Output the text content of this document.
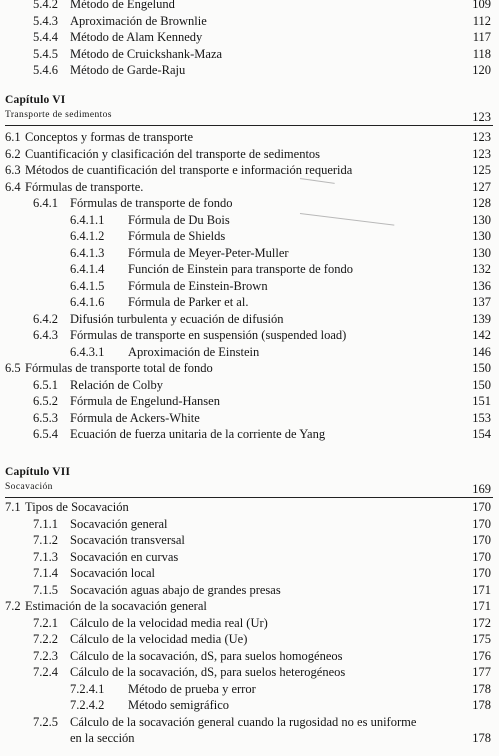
5.4.2 Método de Engelund	109
5.4.3 Aproximación de Brownlie	112
5.4.4 Método de Alam Kennedy	117
5.4.5 Método de Cruickshank-Maza	118
5.4.6 Método de Garde-Raju	120
Capítulo VI
Transporte de sedimentos	123
6.1 Conceptos y formas de transporte	123
6.2 Cuantificación y clasificación del transporte de sedimentos	123
6.3 Métodos de cuantificación del transporte e información requerida	125
6.4 Fórmulas de transporte.	127
6.4.1 Fórmulas de transporte de fondo	128
6.4.1.1 Fórmula de Du Bois	130
6.4.1.2 Fórmula de Shields	130
6.4.1.3 Fórmula de Meyer-Peter-Muller	130
6.4.1.4 Función de Einstein para transporte de fondo	132
6.4.1.5 Fórmula de Einstein-Brown	136
6.4.1.6 Fórmula de Parker et al.	137
6.4.2 Difusión turbulenta y ecuación de difusión	139
6.4.3 Fórmulas de transporte en suspensión (suspended load)	142
6.4.3.1 Aproximación de Einstein	146
6.5 Fórmulas de transporte total de fondo	150
6.5.1 Relación de Colby	150
6.5.2 Fórmula de Engelund-Hansen	151
6.5.3 Fórmula de Ackers-White	153
6.5.4 Ecuación de fuerza unitaria de la corriente de Yang	154
Capítulo VII
Socavación	169
7.1 Tipos de Socavación	170
7.1.1 Socavación general	170
7.1.2 Socavación transversal	170
7.1.3 Socavación en curvas	170
7.1.4 Socavación local	170
7.1.5 Socavación aguas abajo de grandes presas	171
7.2 Estimación de la socavación general	171
7.2.1 Cálculo de la velocidad media real (Ur)	172
7.2.2 Cálculo de la velocidad media (Ue)	175
7.2.3 Cálculo de la socavación, dS, para suelos homogéneos	176
7.2.4 Cálculo de la socavación, dS, para suelos heterogéneos	177
7.2.4.1 Método de prueba y error	178
7.2.4.2 Método semigráfico	178
7.2.5 Cálculo de la socavación general cuando la rugosidad no es uniforme
en la sección	178
